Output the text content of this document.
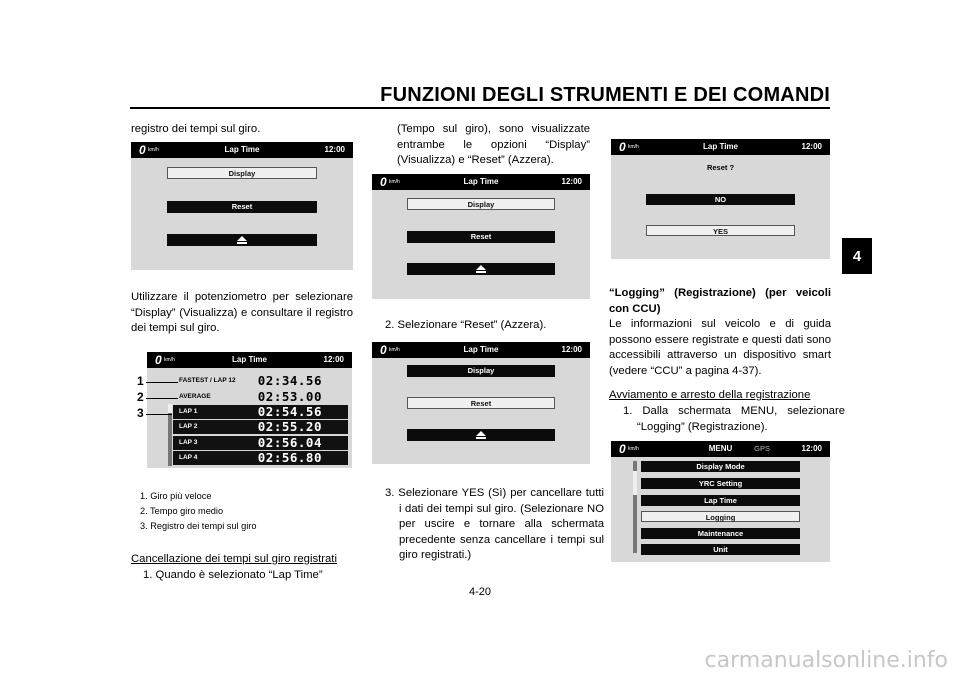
FUNZIONI DEGLI STRUMENTI E DEI COMANDI
4
registro dei tempi sul giro.
0 km/h	Lap Time	12:00
Display
Reset
Utilizzare il potenziometro per selezionare “Display” (Visualizza) e consultare il registro dei tempi sul giro.
0 km/h	Lap Time	12:00
FASTEST / LAP 12 02:34.56
AVERAGE	02:53.00
LAP 1	02:54.56
LAP 2	02:55.20
LAP 3	02:56.04
LAP 4	02:56.80
1
2
3
1. Giro più veloce
2. Tempo giro medio
3. Registro dei tempi sul giro
Cancellazione dei tempi sul giro registrati
1. Quando è selezionato “Lap Time”
(Tempo sul giro), sono visualizzate entrambe le opzioni “Display” (Visualizza) e “Reset” (Azzera).
0 km/h	Lap Time	12:00
Display
Reset
2. Selezionare “Reset” (Azzera).
0 km/h	Lap Time	12:00
Display
Reset
3. Selezionare YES (Sì) per cancellare tutti i dati dei tempi sul giro. (Selezionare NO per uscire e tornare alla schermata precedente senza cancellare i tempi sul giro registrati.)
0 km/h	Lap Time	12:00
Reset ?
NO
YES
“Logging” (Registrazione) (per veicoli con CCU)
Le informazioni sul veicolo e di guida possono essere registrate e questi dati sono accessibili attraverso un dispositivo smart (vedere “CCU” a pagina 4-37).
Avviamento e arresto della registrazione
1. Dalla schermata MENU, selezionare “Logging” (Registrazione).
0 km/h	MENU	GPS	12:00
Display Mode
YRC Setting
Lap Time
Logging
Maintenance
Unit
4-20
carmanualsonline.info
